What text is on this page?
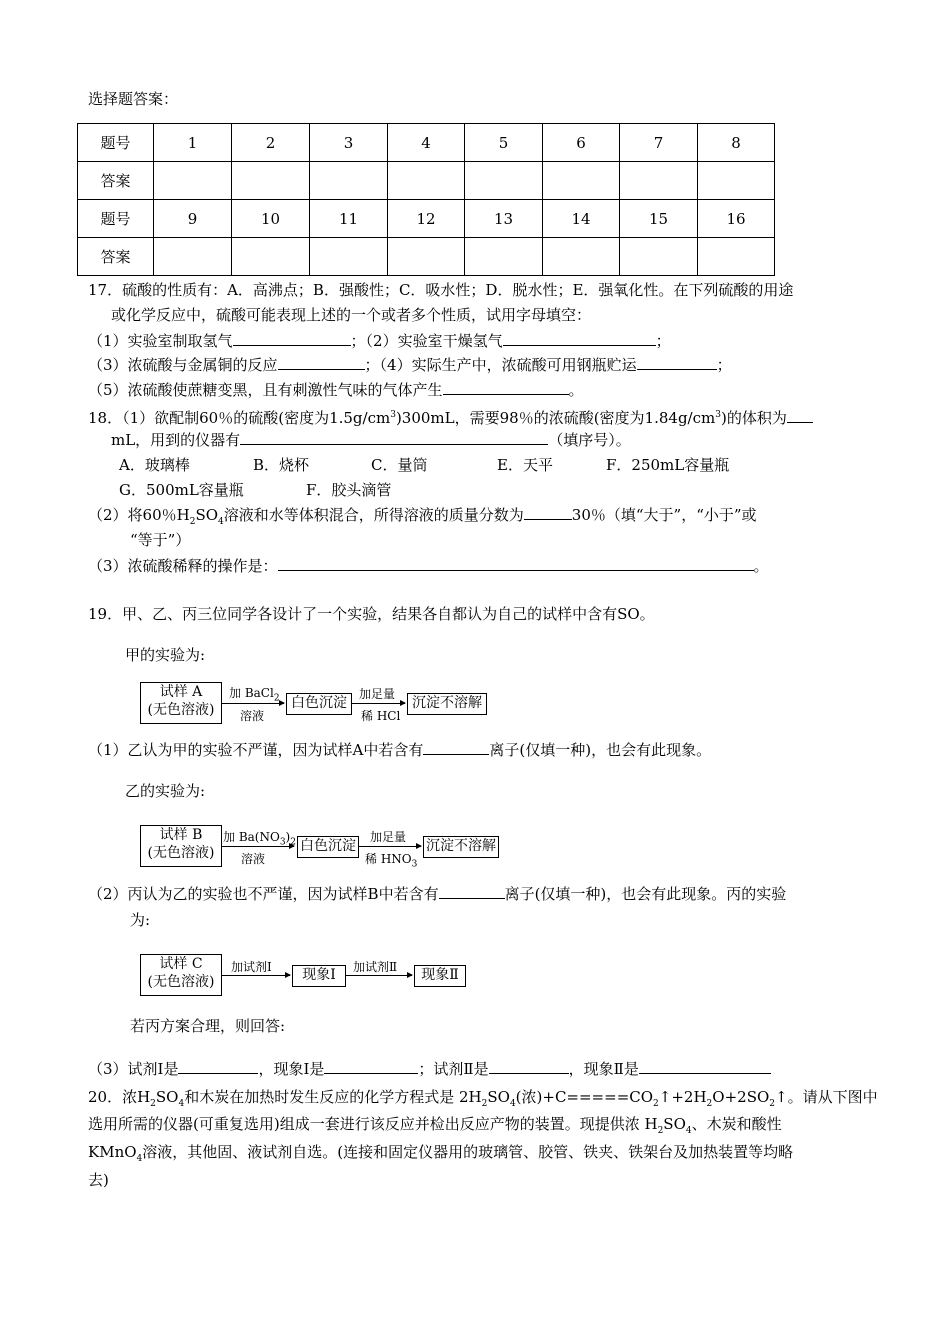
选择题答案：
题号	1	2	3	4	5	6	7	8
答案								
题号	9	10	11	12	13	14	15	16
答案								
17．硫酸的性质有：A．高沸点；B．强酸性；C．吸水性；D．脱水性；E．强氧化性。在下列硫酸的用途
或化学反应中，硫酸可能表现上述的一个或者多个性质，试用字母填空：
（1）实验室制取氢气	；（2）实验室干燥氢气	；
（3）浓硫酸与金属铜的反应	；（4）实际生产中，浓硫酸可用钢瓶贮运	；
（5）浓硫酸使蔗糖变黑，且有刺激性气味的气体产生	。
18．（1）欲配制60％的硫酸(密度为$1.5g/cm^3)300mL$，需要98％的浓硫酸(密度为$1.84g/cm^3$)的体积为
mL，用到的仪器有	（填序号）。
A．玻璃棒	B．烧杯	C．量筒	E．天平	F．250mL容量瓶
G．500mL容量瓶	F．胶头滴管
（2）将60％$H_2SO_4$溶液和水等体积混合，所得溶液的质量分数为	30％（填“大于”，“小于”或
“等于”）
（3）浓硫酸稀释的操作是：	。
19．甲、乙、丙三位同学各设计了一个实验，结果各自都认为自己的试样中含有SO。
甲的实验为:
试样 A
(无色溶液)
加 BaCl$_2$
溶液
白色沉淀
加足量
稀 HCl
沉淀不溶解
（1）乙认为甲的实验不严谨，因为试样A中若含有	离子(仅填一种)，也会有此现象。
乙的实验为:
试样 B
(无色溶液)
加 $Ba(NO_3)_2$
溶液
白色沉淀
加足量
稀 $HNO_3$
沉淀不溶解
（2）丙认为乙的实验也不严谨，因为试样B中若含有	离子(仅填一种)，也会有此现象。丙的实验
为:
试样 C
(无色溶液)
加试剂Ⅰ	现象Ⅰ	加试剂Ⅱ	现象Ⅱ
若丙方案合理，则回答:
（3）试剂Ⅰ是	，现象Ⅰ是	；试剂Ⅱ是	，现象Ⅱ是
20．浓$H_2SO_4$和木炭在加热时发生反应的化学方程式是 $2H_2SO_4$(浓)$+C=====CO_2↑+2H_2O+2SO_2↑$。请从下图中
选用所需的仪器(可重复选用)组成一套进行该反应并检出反应产物的装置。现提供浓 $H_2SO_4$、木炭和酸性
KMnO$_4$溶液，其他固、液试剂自选。(连接和固定仪器用的玻璃管、胶管、铁夹、铁架台及加热装置等均略
去)
